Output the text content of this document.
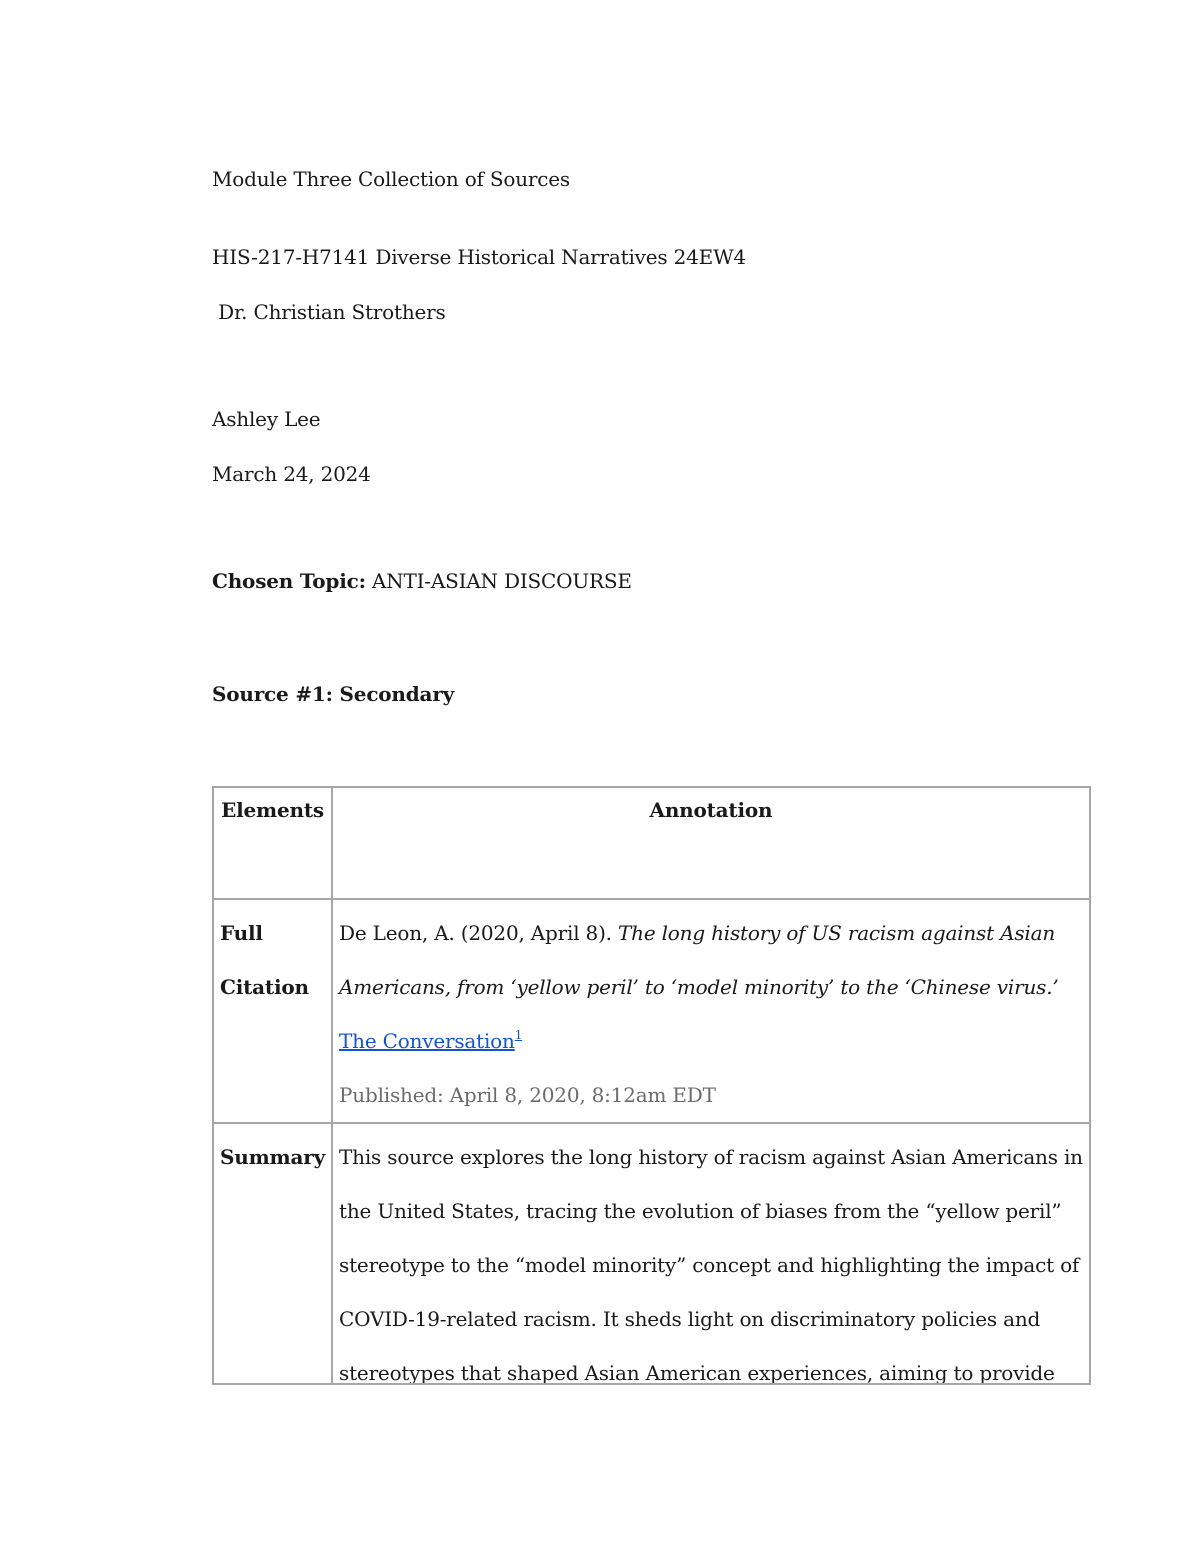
Module Three Collection of Sources
HIS-217-H7141 Diverse Historical Narratives 24EW4
Dr. Christian Strothers
Ashley Lee
March 24, 2024
Chosen Topic: ANTI-ASIAN DISCOURSE
Source #1: Secondary
Elements	Annotation

Full
Citation	De Leon, A. (2020, April 8). The long history of US racism against Asian
Americans, from ‘yellow peril’ to ‘model minority’ to the ‘Chinese virus.’
The Conversation$^1$
Published: April 8, 2020, 8:12am EDT

Summary	This source explores the long history of racism against Asian Americans in
the United States, tracing the evolution of biases from the “yellow peril”
stereotype to the “model minority” concept and highlighting the impact of
COVID-19-related racism. It sheds light on discriminatory policies and
stereotypes that shaped Asian American experiences, aiming to provide
